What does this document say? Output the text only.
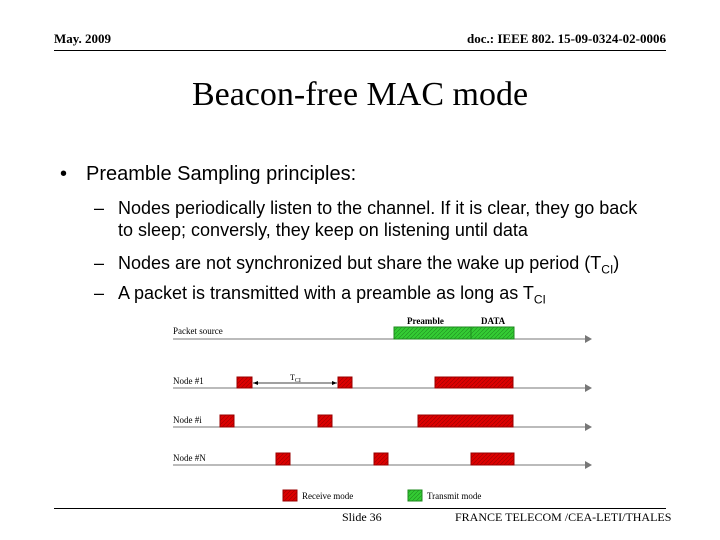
May. 2009	doc.: IEEE 802. 15-09-0324-02-0006
Beacon-free MAC mode
• Preamble Sampling principles:
– Nodes periodically listen to the channel. If it is clear, they go back
to sleep; conversly, they keep on listening until data
– Nodes are not synchronized but share the wake up period $(T_{CI})$
– A packet is transmitted with a preamble as long as $T_{CI}$
Packet source
Preamble	DATA
Node #1	$T_{CI}$
Node #i
Node #N
Receive mode	Transmit mode
Slide 36	FRANCE TELECOM /CEA-LETI/THALES
